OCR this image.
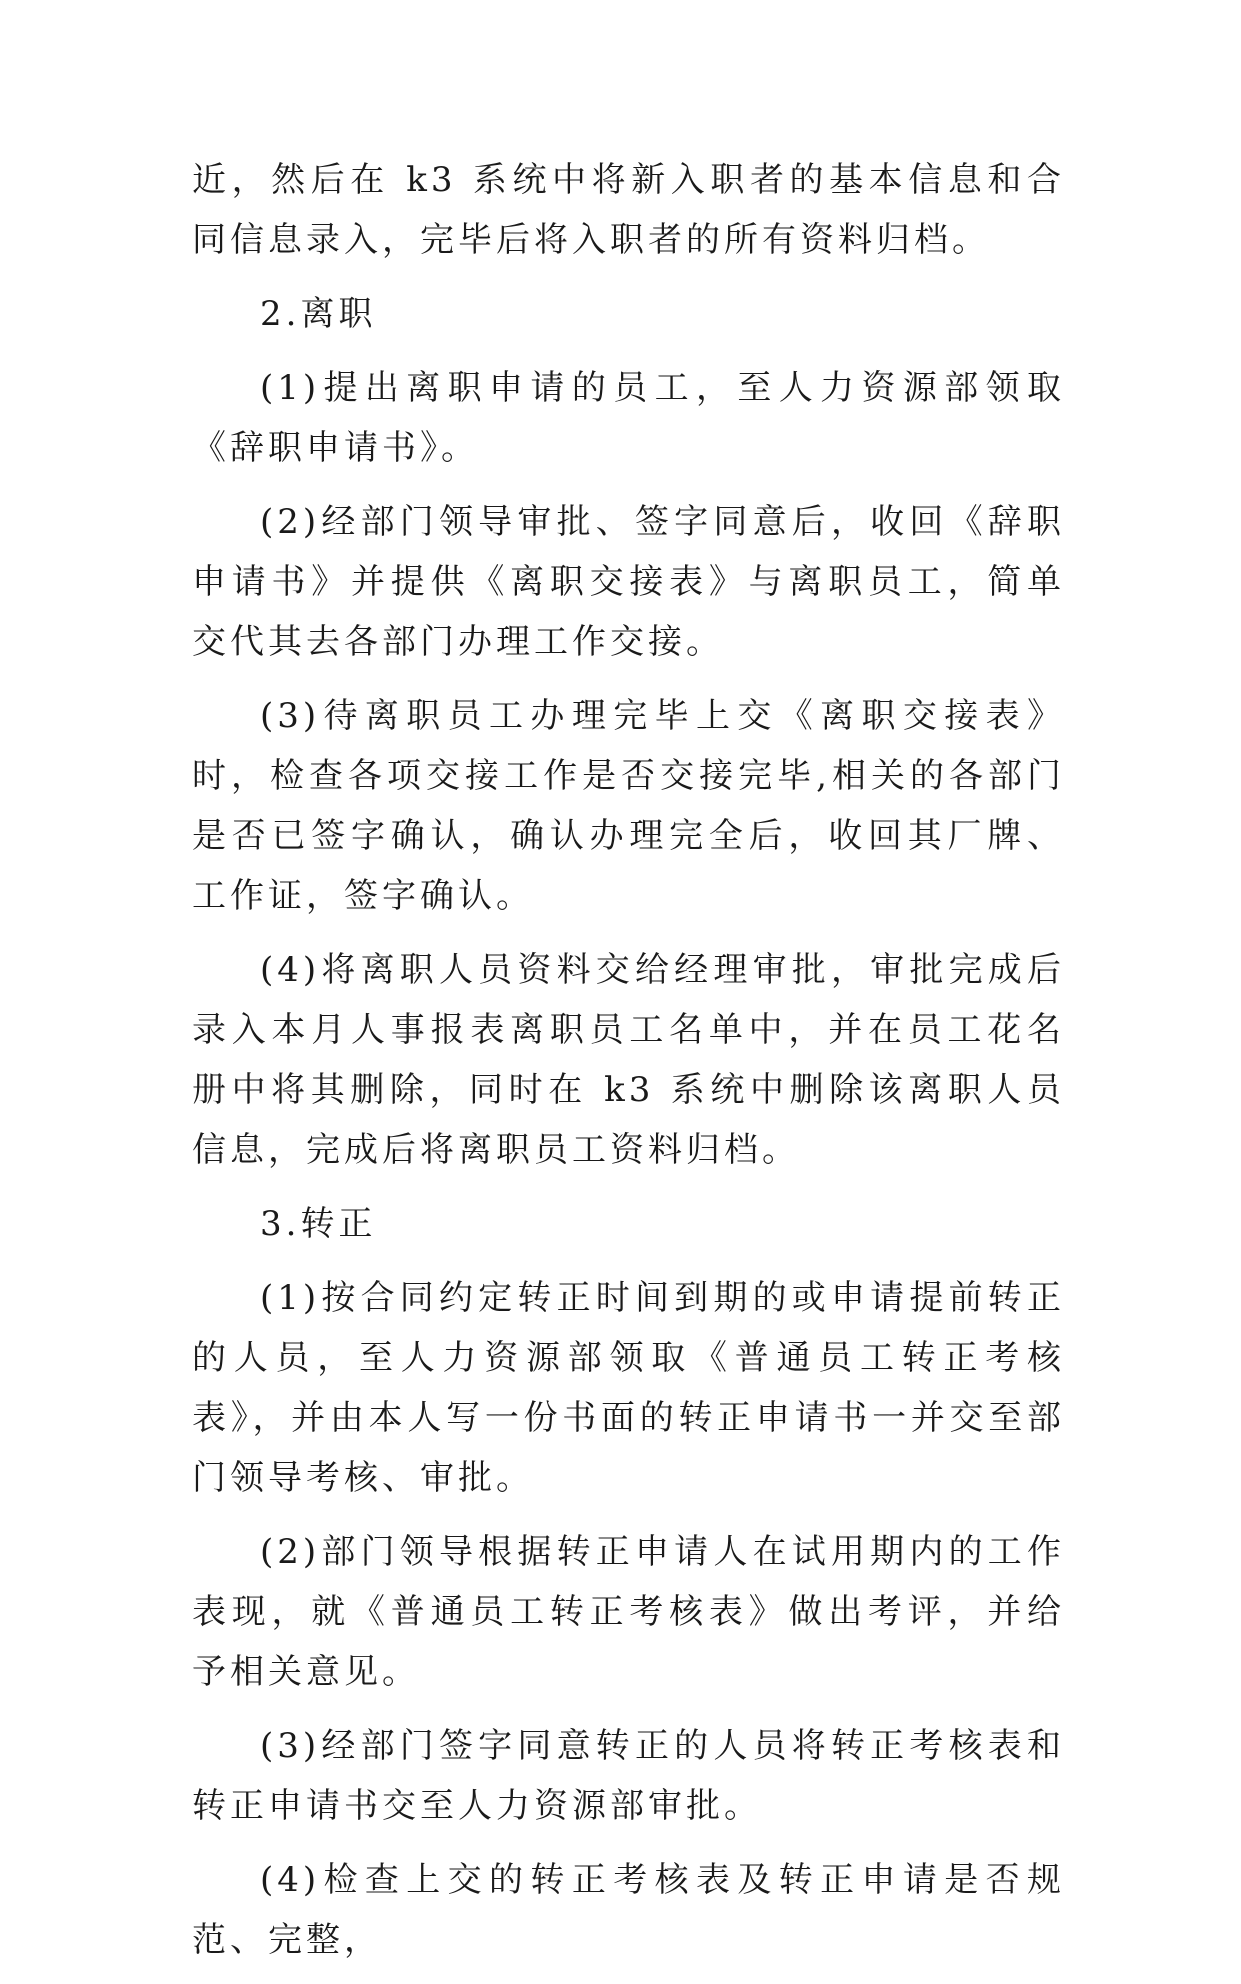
近，然后在 k3 系统中将新入职者的基本信息和合同信息录入，完毕后将入职者的所有资料归档。

2.离职

(1)提出离职申请的员工，至人力资源部领取《辞职申请书》。

(2)经部门领导审批、签字同意后，收回《辞职申请书》并提供《离职交接表》与离职员工，简单交代其去各部门办理工作交接。

(3)待离职员工办理完毕上交《离职交接表》时，检查各项交接工作是否交接完毕,相关的各部门是否已签字确认，确认办理完全后，收回其厂牌、工作证，签字确认。

(4)将离职人员资料交给经理审批，审批完成后录入本月人事报表离职员工名单中，并在员工花名册中将其删除，同时在 k3 系统中删除该离职人员信息，完成后将离职员工资料归档。

3.转正

(1)按合同约定转正时间到期的或申请提前转正的人员，至人力资源部领取《普通员工转正考核表》，并由本人写一份书面的转正申请书一并交至部门领导考核、审批。

(2)部门领导根据转正申请人在试用期内的工作表现，就《普通员工转正考核表》做出考评，并给予相关意见。

(3)经部门签字同意转正的人员将转正考核表和转正申请书交至人力资源部审批。

(4)检查上交的转正考核表及转正申请是否规范、完整，
